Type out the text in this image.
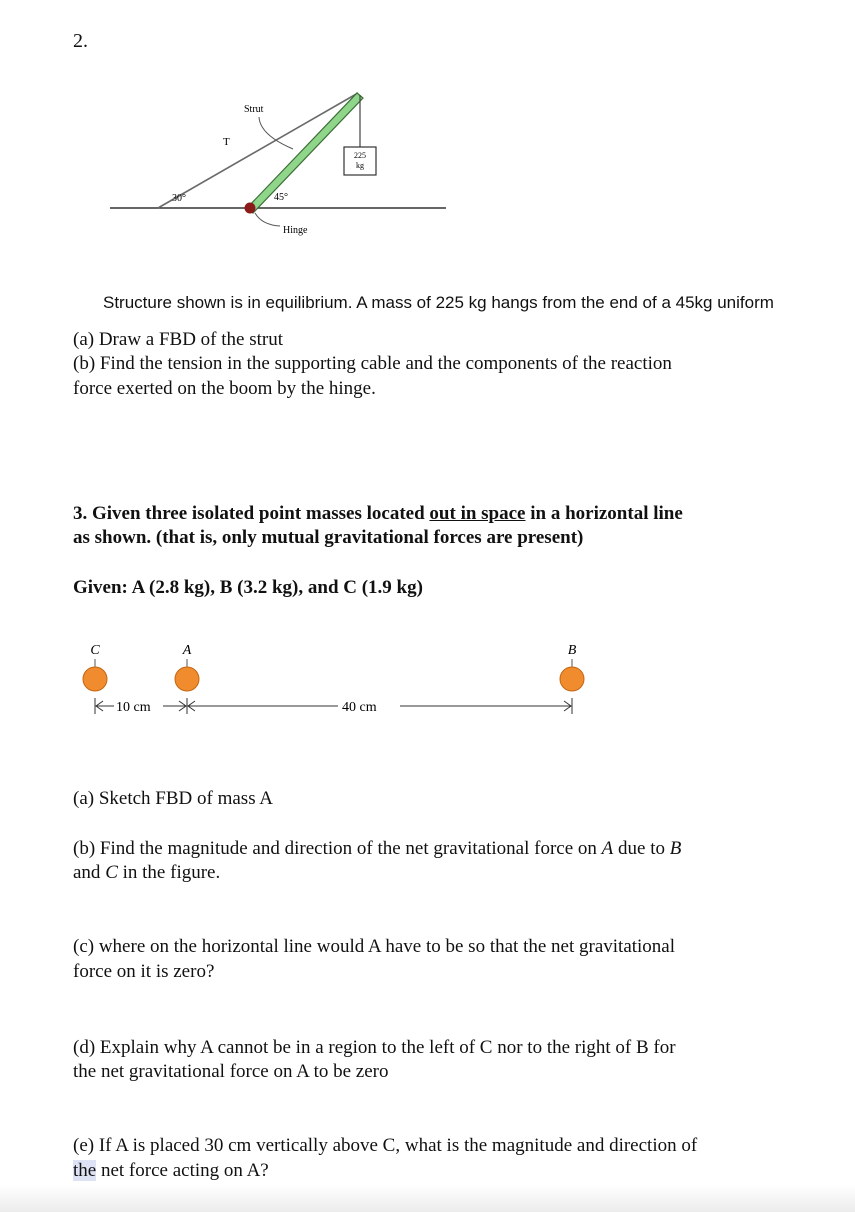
2.
225
kg
Strut
T
30°	45°
Hinge
Structure shown is in equilibrium. A mass of 225 kg hangs from the end of a 45kg uniform
(a) Draw a FBD of the strut
(b) Find the tension in the supporting cable and the components of the reaction
force exerted on the boom by the hinge.
3. Given three isolated point masses located out in space in a horizontal line
as shown. (that is, only mutual gravitational forces are present)
Given: A (2.8 kg), B (3.2 kg), and C (1.9 kg)
C	A	B
10 cm	40 cm
(a) Sketch FBD of mass A
(b) Find the magnitude and direction of the net gravitational force on A due to B
and C in the figure.
(c) where on the horizontal line would A have to be so that the net gravitational
force on it is zero?
(d) Explain why A cannot be in a region to the left of C nor to the right of B for
the net gravitational force on A to be zero
(e) If A is placed 30 cm vertically above C, what is the magnitude and direction of
the net force acting on A?
